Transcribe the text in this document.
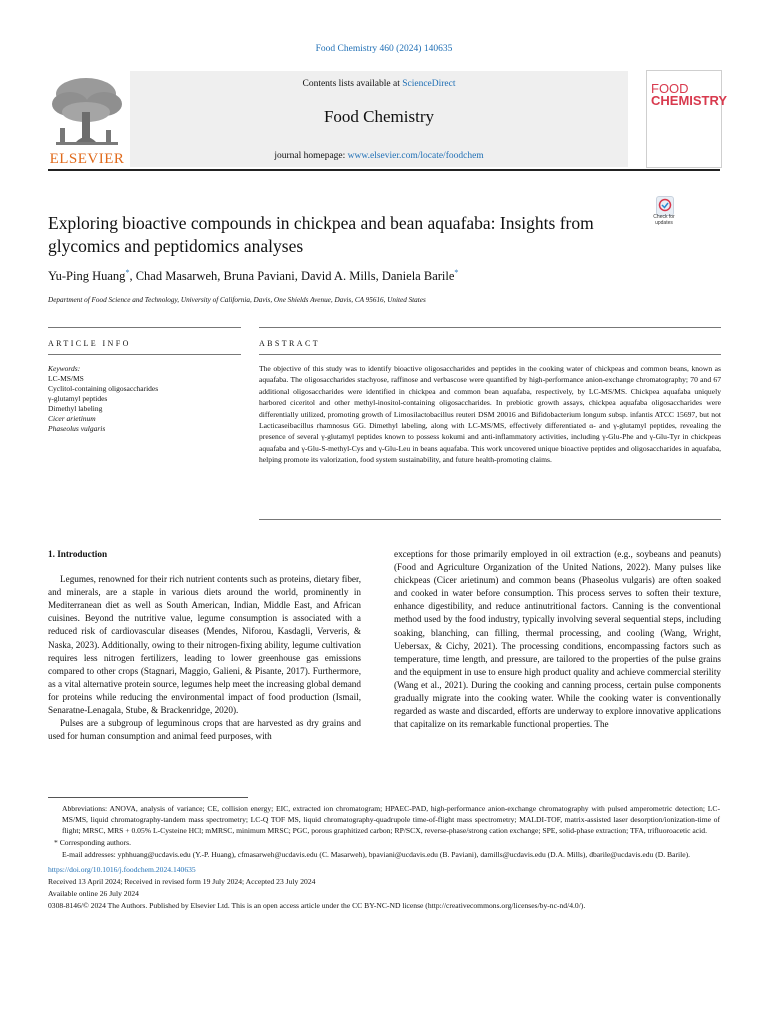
Food Chemistry 460 (2024) 140635
Contents lists available at ScienceDirect
Food Chemistry
journal homepage: www.elsevier.com/locate/foodchem
ELSEVIER
FOOD
CHEMISTRY
Exploring bioactive compounds in chickpea and bean aquafaba: Insights from glycomics and peptidomics analyses
Check for updates
Yu-Ping Huang*, Chad Masarweh, Bruna Paviani, David A. Mills, Daniela Barile*
Department of Food Science and Technology, University of California, Davis, One Shields Avenue, Davis, CA 95616, United States
ARTICLE INFO	ABSTRACT
Keywords:
LC-MS/MS
Cyclitol-containing oligosaccharides
γ-glutamyl peptides
Dimethyl labeling
Cicer arietinum
Phaseolus vulgaris
The objective of this study was to identify bioactive oligosaccharides and peptides in the cooking water of chickpeas and common beans, known as aquafaba. The oligosaccharides stachyose, raffinose and verbascose were quantified by high-performance anion-exchange chromatography; 70 and 67 additional oligosaccharides were identified in chickpea and common bean aquafaba, respectively, by LC-MS/MS. Chickpea aquafaba uniquely harbored ciceritol and other methyl-inositol-containing oligosaccharides. In prebiotic growth assays, chickpea aquafaba oligosaccharides were differentially utilized, promoting growth of Limosilactobacillus reuteri DSM 20016 and Bifidobacterium longum subsp. infantis ATCC 15697, but not Lacticaseibacillus rhamnosus GG. Dimethyl labeling, along with LC-MS/MS, effectively differentiated α- and γ-glutamyl peptides, revealing the presence of several γ-glutamyl peptides known to possess kokumi and anti-inflammatory activities, including γ-Glu-Phe and γ-Glu-Tyr in chickpeas aquafaba and γ-Glu-S-methyl-Cys and γ-Glu-Leu in beans aquafaba. This work uncovered unique bioactive peptides and oligosaccharides in aquafaba, helping promote its valorization, food system sustainability, and future health-promoting claims.
1. Introduction

Legumes, renowned for their rich nutrient contents such as proteins, dietary fiber, and minerals, are a staple in various diets around the world, prominently in Mediterranean diet as well as South American, Indian, Middle East, and African cuisines. Beyond the nutritive value, legume consumption is associated with a reduced risk of cardiovascular diseases (Mendes, Niforou, Kasdagli, Ververis, & Naska, 2023). Additionally, owing to their nitrogen-fixing ability, legume cultivation requires less nitrogen fertilizers, leading to lower greenhouse gas emissions compared to other crops (Stagnari, Maggio, Galieni, & Pisante, 2017). Furthermore, as a vital alternative protein source, legumes help meet the increasing global demand for proteins while reducing the environmental impact of food production (Ismail, Senaratne-Lenagala, Stube, & Brackenridge, 2020).

Pulses are a subgroup of leguminous crops that are harvested as dry grains and used for human consumption and animal feed purposes, with

exceptions for those primarily employed in oil extraction (e.g., soybeans and peanuts) (Food and Agriculture Organization of the United Nations, 2022). Many pulses like chickpeas (Cicer arietinum) and common beans (Phaseolus vulgaris) are often soaked and cooked in water before consumption. This process serves to soften their texture, enhance digestibility, and reduce antinutritional factors. Canning is the conventional method used by the food industry, typically involving several sequential steps, including soaking, blanching, can filling, thermal processing, and cooling (Wang, Wright, Uebersax, & Cichy, 2021). The processing conditions, encompassing factors such as temperature, time length, and pressure, are tailored to the properties of the pulse grains and the equipment in use to ensure high product quality and achieve commercial sterility (Wang et al., 2021). During the cooking and canning process, certain pulse components gradually migrate into the cooking water. While the cooking water is conventionally regarded as waste and discarded, efforts are underway to explore innovative applications that capitalize on its remarkable functional properties. The

Abbreviations: ANOVA, analysis of variance; CE, collision energy; EIC, extracted ion chromatogram; HPAEC-PAD, high-performance anion-exchange chromatography with pulsed amperometric detection; LC-MS/MS, liquid chromatography-tandem mass spectrometry; LC-Q TOF MS, liquid chromatography-quadrupole time-of-flight mass spectrometry; MALDI-TOF, matrix-assisted laser desorption/ionization-time of flight; MRSC, MRS + 0.05% L-Cysteine HCl; mMRSC, minimum MRSC; PGC, porous graphitized carbon; RP/SCX, reverse-phase/strong cation exchange; SPE, solid-phase extraction; TFA, trifluoroacetic acid.
* Corresponding authors.
E-mail addresses: yphhuang@ucdavis.edu (Y.-P. Huang), cfmasarweh@ucdavis.edu (C. Masarweh), bpaviani@ucdavis.edu (B. Paviani), damills@ucdavis.edu (D.A. Mills), dbarile@ucdavis.edu (D. Barile).
https://doi.org/10.1016/j.foodchem.2024.140635
Received 13 April 2024; Received in revised form 19 July 2024; Accepted 23 July 2024
Available online 26 July 2024
0308-8146/© 2024 The Authors. Published by Elsevier Ltd. This is an open access article under the CC BY-NC-ND license (http://creativecommons.org/licenses/by-nc-nd/4.0/).
